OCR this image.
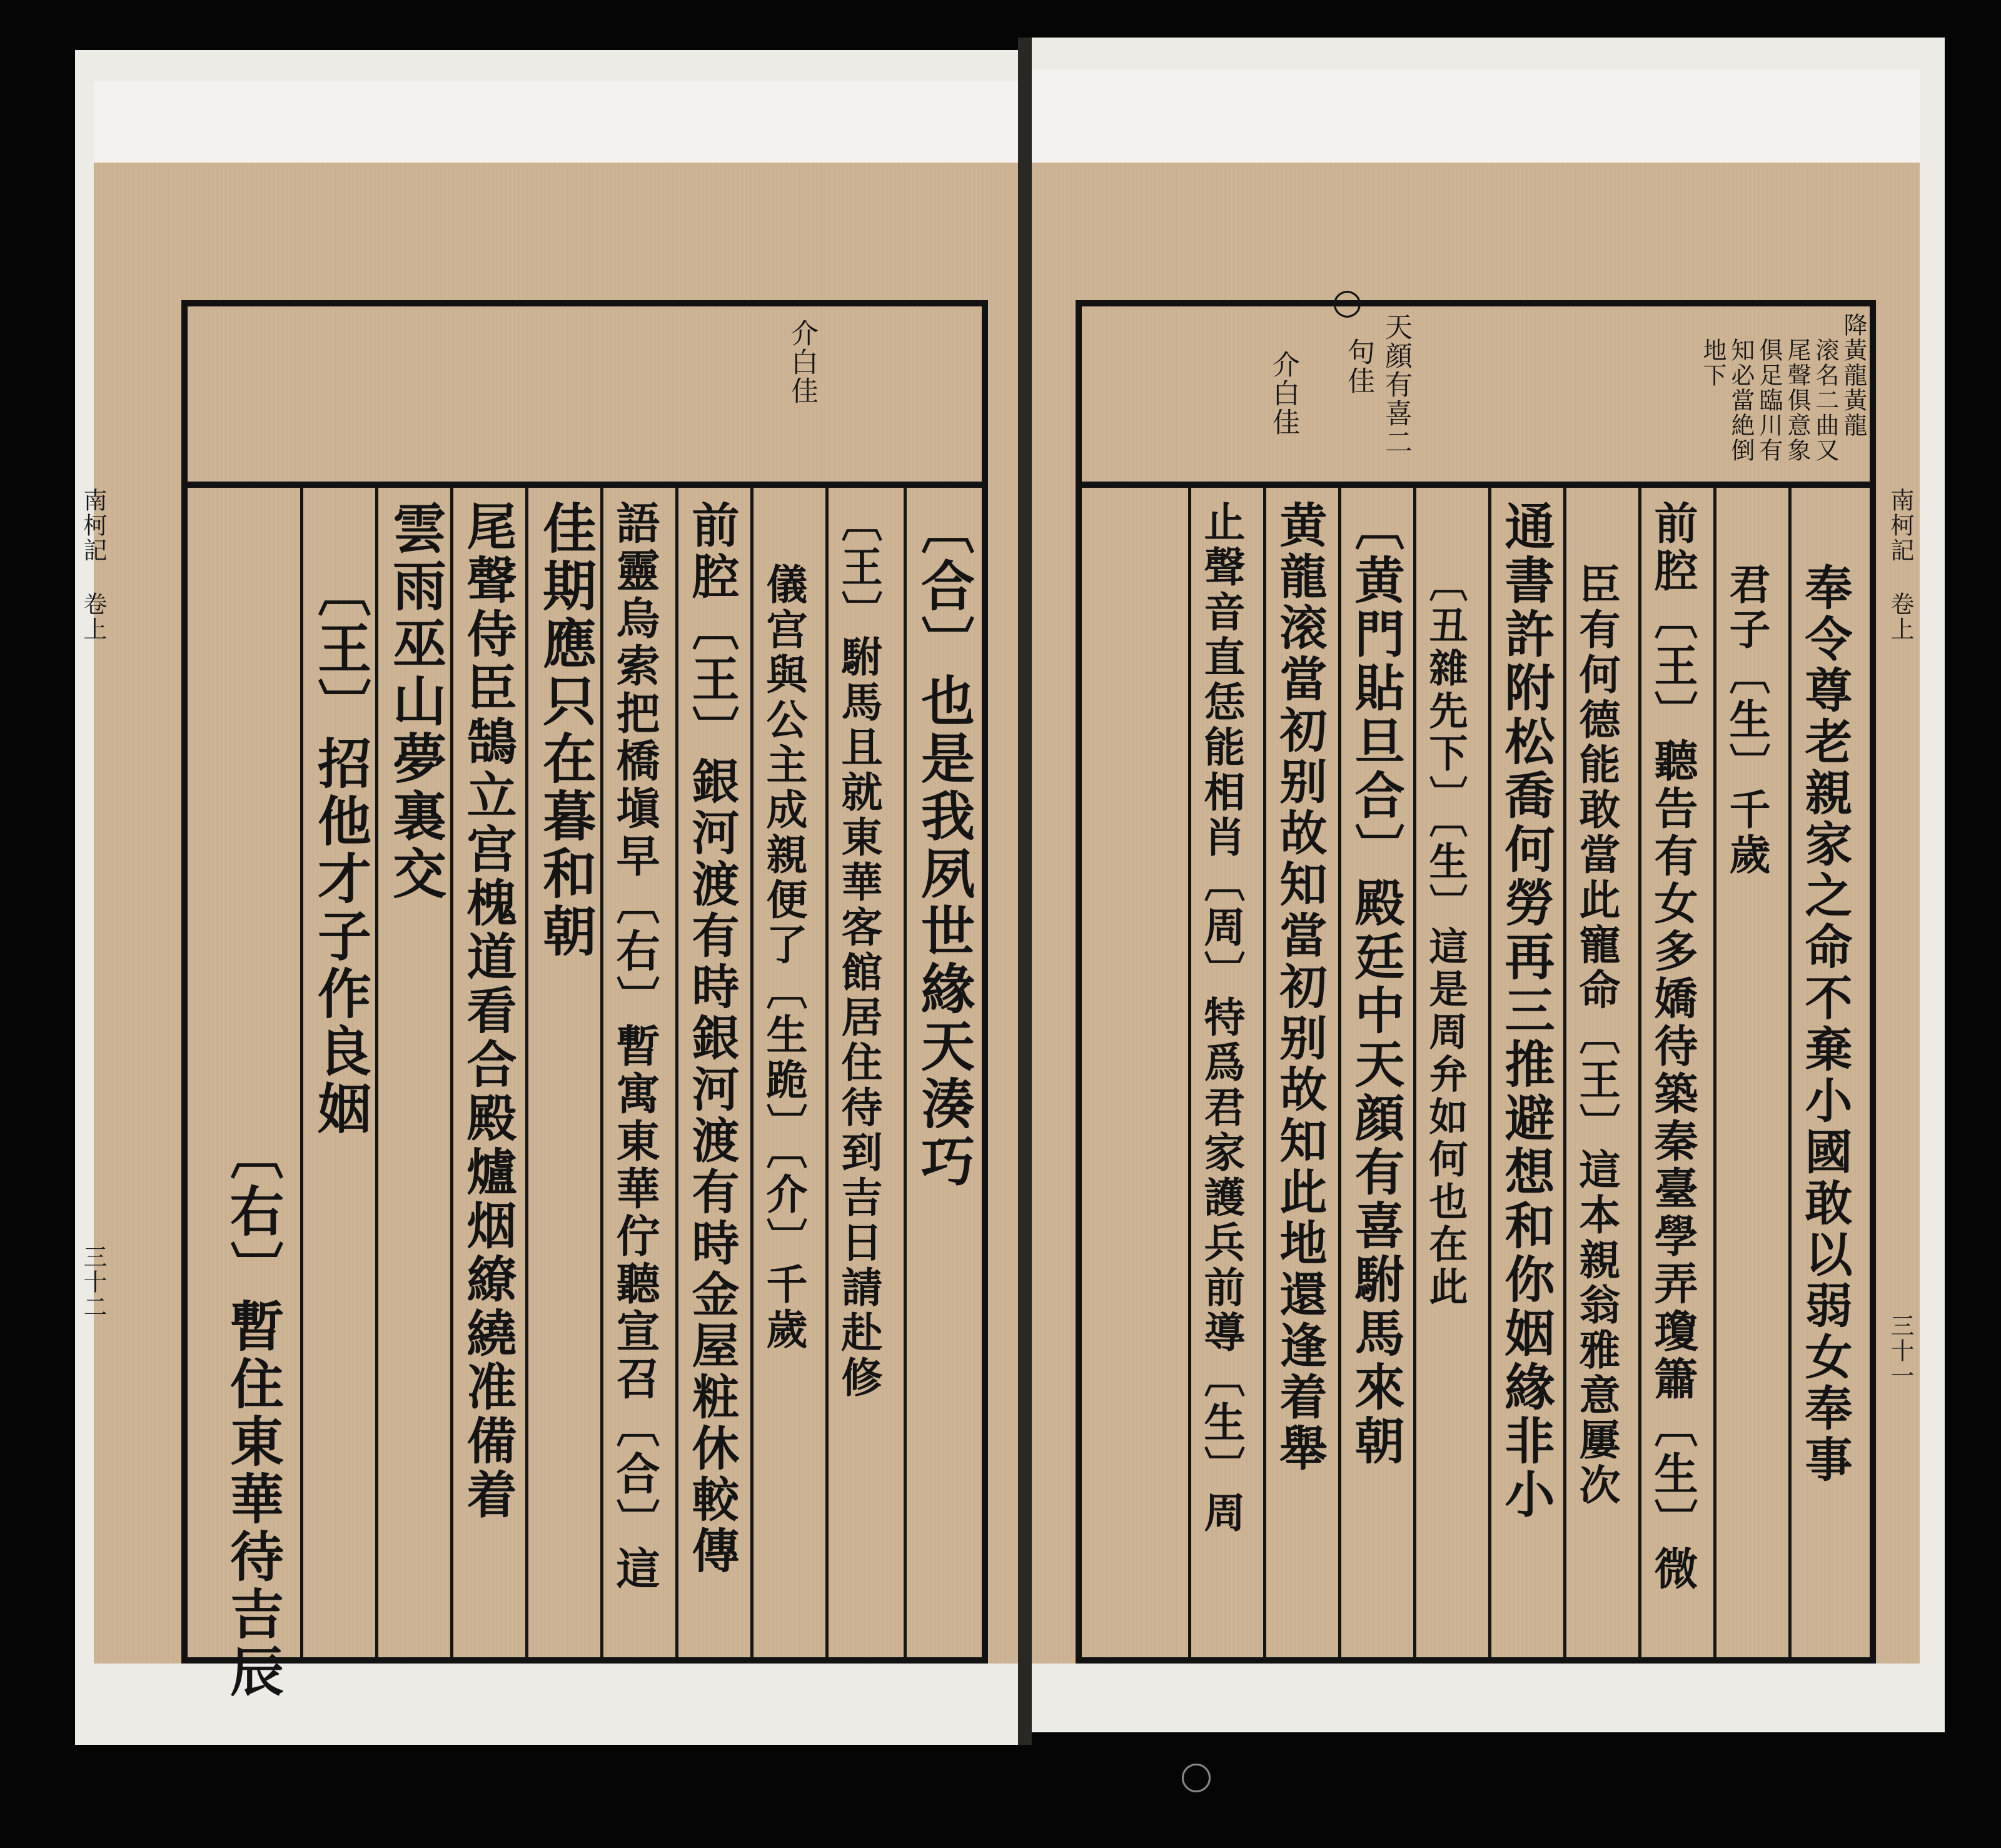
介白佳
〔合〕也是我夙世緣天湊巧
〔王〕駙馬且就東華客館居住待到吉日請赴修
儀宫與公主成親便了〔生跪〕〔介〕千歲
前腔〔王〕銀河渡有時銀河渡有時金屋粧休較傳
語靈烏索把橋塡早〔右〕暫寓東華佇聽宣召〔合〕這
佳期應只在暮和朝
尾聲侍臣鵠立宫槐道看合殿爐烟繚繞准備着
雲雨巫山夢裏交
〔王〕招他才子作良姻
〔右〕暫住東華待吉辰
南柯記 卷上
三十二
○
天顔有喜二
句佳
介白佳	降黃龍黃龍
滚名二曲又
尾聲俱意象
俱足臨川有
知必當絶倒
地下
奉令尊老親家之命不棄小國敢以弱女奉事
君子〔生〕千歲
前腔〔王〕聽告有女多嬌待築秦臺學弄瓊簫〔生〕微
臣有何德能敢當此寵命〔王〕這本親翁雅意屢次
通書許附松喬何勞再三推避想和你姻緣非小
〔丑雜先下〕〔生〕這是周弁如何也在此
〔黄門貼旦合〕殿廷中天顔有喜駙馬來朝
黄龍滚當初别故知當初别故知此地還逢着舉
止聲音直恁能相肖〔周〕特爲君家護兵前導〔生〕周	南柯記 卷上
三十一
